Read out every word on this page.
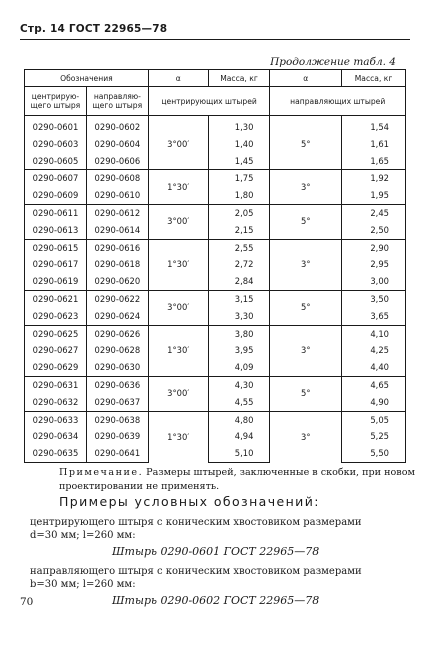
Стр. 14 ГОСТ 22965—78
Продолжение табл. 4
Обозначения		α	Масса, кг	α	Масса, кг
центрирую-щего штыря	направляю-щего штыря	центрирующих штырей		направляющих штырей	
0290-0601	0290-0602	3°00′	1,30	5°	1,54
0290-0603	0290-0604		1,40		1,61
0290-0605	0290-0606		1,45		1,65
0290-0607	0290-0608	1°30′	1,75	3°	1,92
0290-0609	0290-0610		1,80		1,95
0290-0611	0290-0612	3°00′	2,05	5°	2,45
0290-0613	0290-0614		2,15		2,50
0290-0615	0290-0616	1°30′	2,55	3°	2,90
0290-0617	0290-0618		2,72		2,95
0290-0619	0290-0620		2,84		3,00
0290-0621	0290-0622	3°00′	3,15	5°	3,50
0290-0623	0290-0624		3,30		3,65
0290-0625	0290-0626	1°30′	3,80	3°	4,10
0290-0627	0290-0628		3,95		4,25
0290-0629	0290-0630		4,09		4,40
0290-0631	0290-0636	3°00′	4,30	5°	4,65
0290-0632	0290-0637		4,55		4,90
0290-0633	0290-0638	1°30′	4,80	3°	5,05
0290-0634	0290-0639		4,94		5,25
0290-0635	0290-0641		5,10		5,50
Примечание. Размеры штырей, заключенные в скобки, при новом проектировании не применять.
Примеры условных обозначений:
центрирующего штыря с коническим хвостовиком размерами
d=30 мм; l=260 мм:
Штырь 0290-0601 ГОСТ 22965—78
направляющего штыря с коническим хвостовиком размерами
b=30 мм; l=260 мм:
Штырь 0290-0602 ГОСТ 22965—78
70
